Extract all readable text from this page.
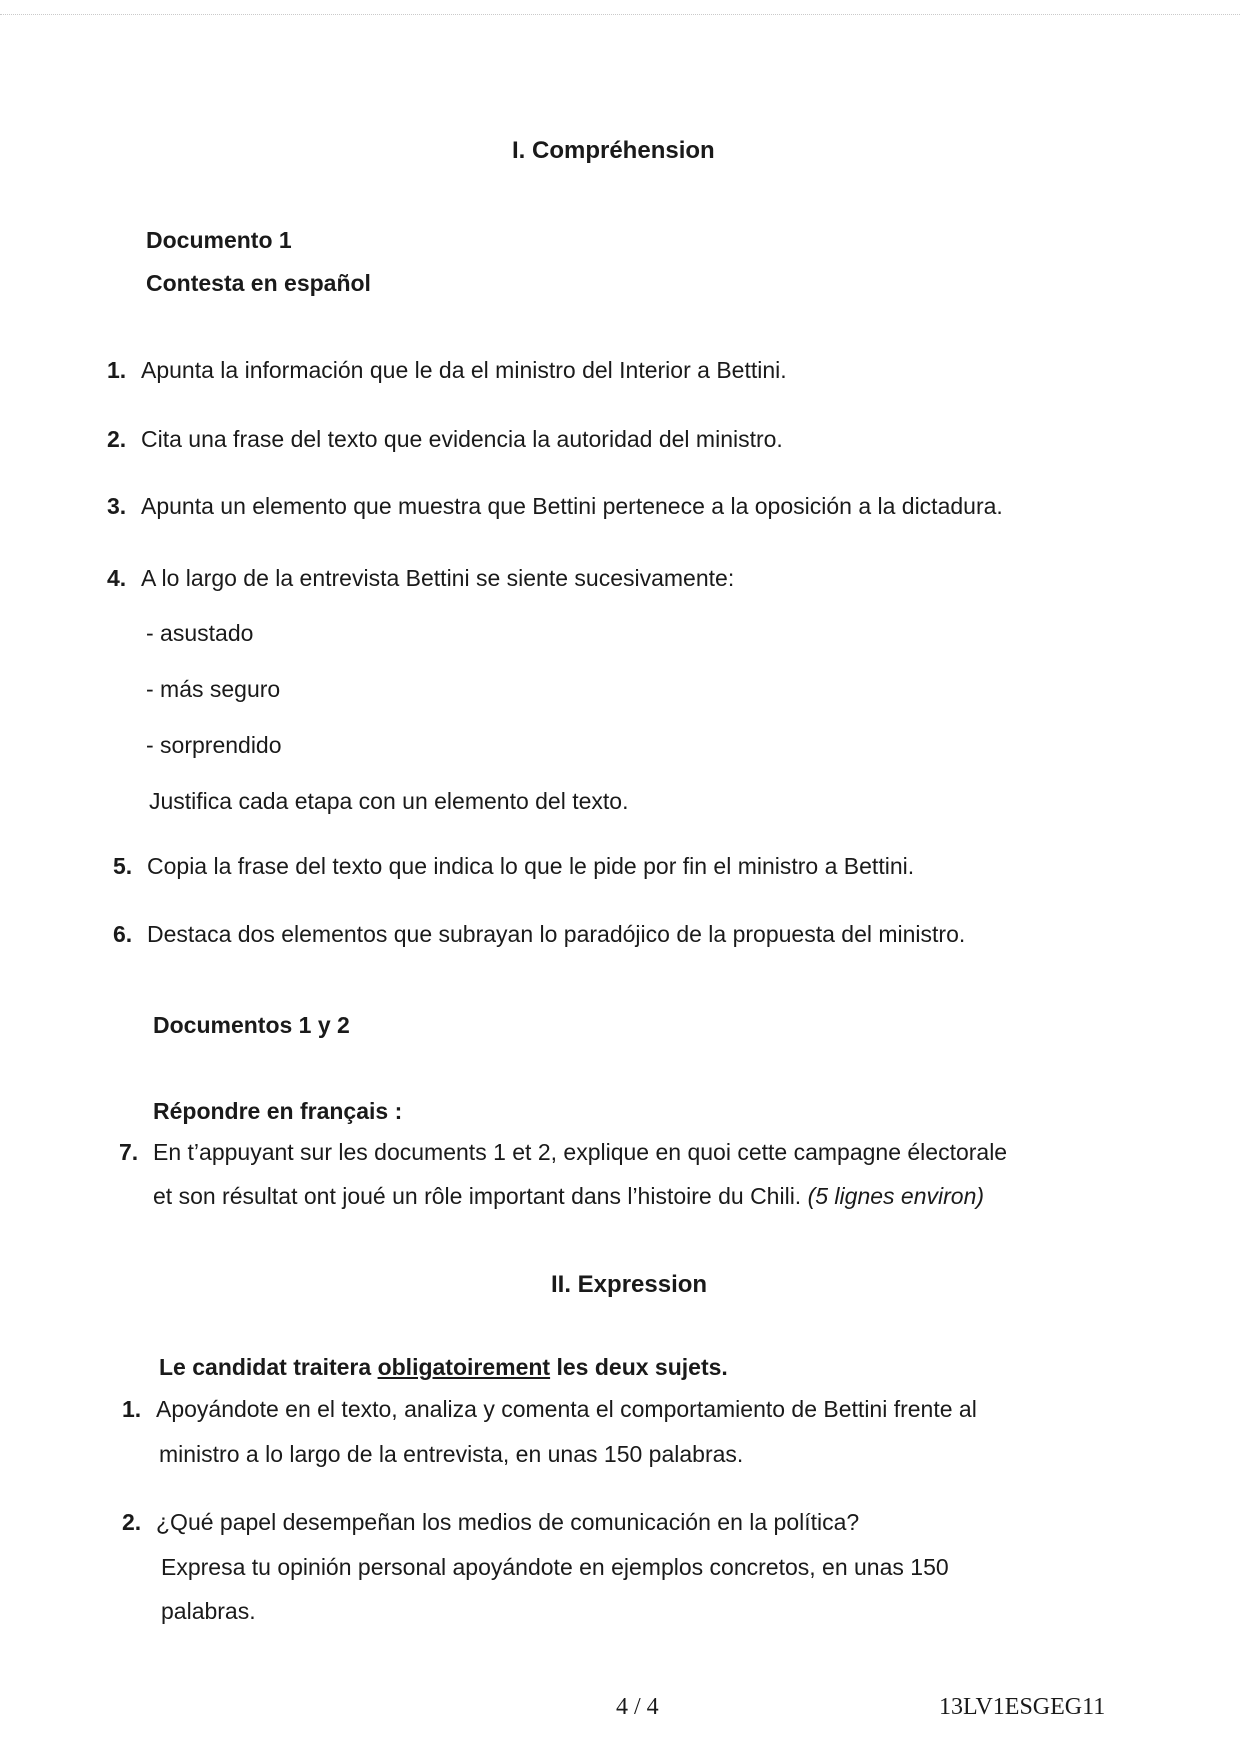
I. Compréhension
Documento 1
Contesta en español
1. Apunta la información que le da el ministro del Interior a Bettini.
2. Cita una frase del texto que evidencia la autoridad del ministro.
3. Apunta un elemento que muestra que Bettini pertenece a la oposición a la dictadura.
4. A lo largo de la entrevista Bettini se siente sucesivamente:
- asustado
- más seguro
- sorprendido
Justifica cada etapa con un elemento del texto.
5. Copia la frase del texto que indica lo que le pide por fin el ministro a Bettini.
6. Destaca dos elementos que subrayan lo paradójico de la propuesta del ministro.
Documentos 1 y 2
Répondre en français :
7. En t’appuyant sur les documents 1 et 2, explique en quoi cette campagne électorale
et son résultat ont joué un rôle important dans l’histoire du Chili. (5 lignes environ)
II. Expression
Le candidat traitera obligatoirement les deux sujets.
1. Apoyándote en el texto, analiza y comenta el comportamiento de Bettini frente al
ministro a lo largo de la entrevista, en unas 150 palabras.
2. ¿Qué papel desempeñan los medios de comunicación en la política?
Expresa tu opinión personal apoyándote en ejemplos concretos, en unas 150
palabras.
4 / 4	13LV1ESGEG11
